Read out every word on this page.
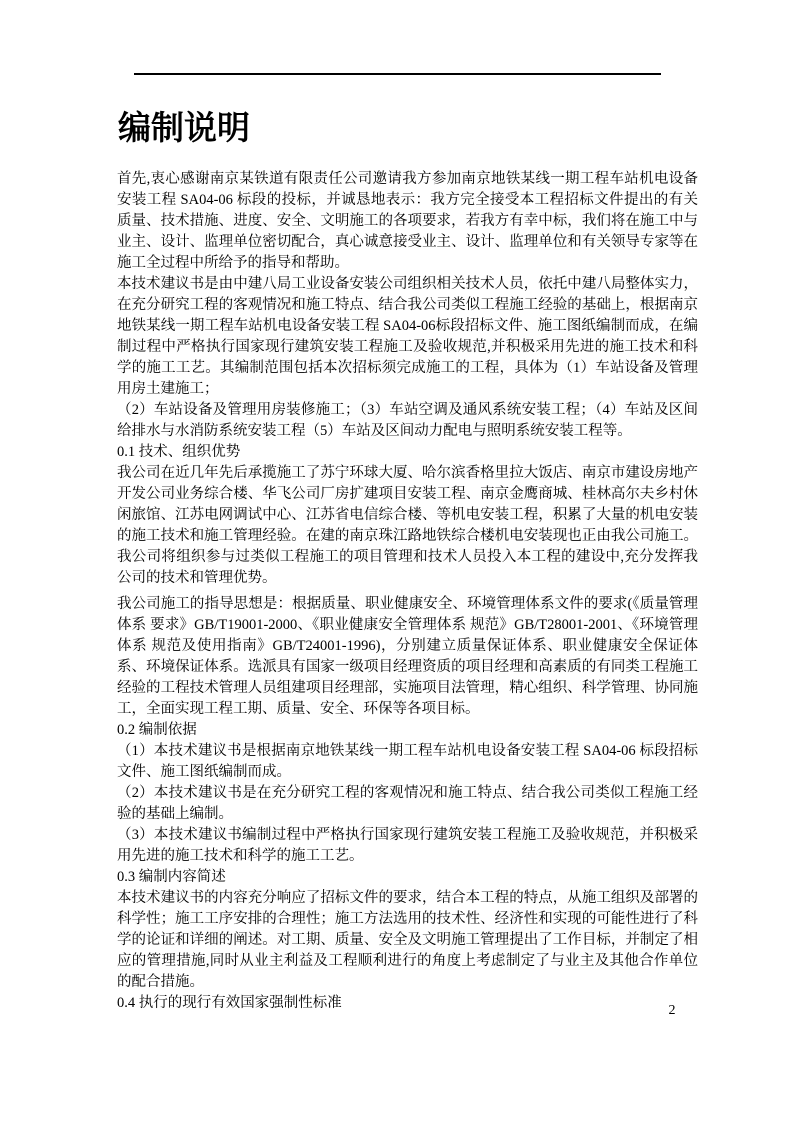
编制说明

首先,衷心感谢南京某铁道有限责任公司邀请我方参加南京地铁某线一期工程车站机电设备安装工程 SA04-06 标段的投标，并诚恳地表示：我方完全接受本工程招标文件提出的有关质量、技术措施、进度、安全、文明施工的各项要求，若我方有幸中标，我们将在施工中与业主、设计、监理单位密切配合，真心诚意接受业主、设计、监理单位和有关领导专家等在施工全过程中所给予的指导和帮助。

本技术建议书是由中建八局工业设备安装公司组织相关技术人员，依托中建八局整体实力，在充分研究工程的客观情况和施工特点、结合我公司类似工程施工经验的基础上，根据南京地铁某线一期工程车站机电设备安装工程 SA04-06标段招标文件、施工图纸编制而成，在编制过程中严格执行国家现行建筑安装工程施工及验收规范,并积极采用先进的施工技术和科学的施工工艺。其编制范围包括本次招标须完成施工的工程，具体为（1）车站设备及管理用房土建施工；

（2）车站设备及管理用房装修施工；（3）车站空调及通风系统安装工程；（4）车站及区间给排水与水消防系统安装工程（5）车站及区间动力配电与照明系统安装工程等。

0.1 技术、组织优势

我公司在近几年先后承揽施工了苏宁环球大厦、哈尔滨香格里拉大饭店、南京市建设房地产开发公司业务综合楼、华飞公司厂房扩建项目安装工程、南京金鹰商城、桂林高尔夫乡村休闲旅馆、江苏电网调试中心、江苏省电信综合楼、等机电安装工程，积累了大量的机电安装的施工技术和施工管理经验。在建的南京珠江路地铁综合楼机电安装现也正由我公司施工。我公司将组织参与过类似工程施工的项目管理和技术人员投入本工程的建设中,充分发挥我公司的技术和管理优势。

我公司施工的指导思想是：根据质量、职业健康安全、环境管理体系文件的要求(《质量管理体系 要求》GB/T19001-2000、《职业健康安全管理体系 规范》GB/T28001-2001、《环境管理体系 规范及使用指南》GB/T24001-1996)，分别建立质量保证体系、职业健康安全保证体系、环境保证体系。选派具有国家一级项目经理资质的项目经理和高素质的有同类工程施工经验的工程技术管理人员组建项目经理部，实施项目法管理，精心组织、科学管理、协同施工，全面实现工程工期、质量、安全、环保等各项目标。

0.2 编制依据

（1）本技术建议书是根据南京地铁某线一期工程车站机电设备安装工程 SA04-06 标段招标文件、施工图纸编制而成。

（2）本技术建议书是在充分研究工程的客观情况和施工特点、结合我公司类似工程施工经验的基础上编制。

（3）本技术建议书编制过程中严格执行国家现行建筑安装工程施工及验收规范，并积极采用先进的施工技术和科学的施工工艺。

0.3 编制内容简述

本技术建议书的内容充分响应了招标文件的要求，结合本工程的特点，从施工组织及部署的科学性；施工工序安排的合理性；施工方法选用的技术性、经济性和实现的可能性进行了科学的论证和详细的阐述。对工期、质量、安全及文明施工管理提出了工作目标，并制定了相应的管理措施,同时从业主利益及工程顺利进行的角度上考虑制定了与业主及其他合作单位的配合措施。

0.4 执行的现行有效国家强制性标准	2
